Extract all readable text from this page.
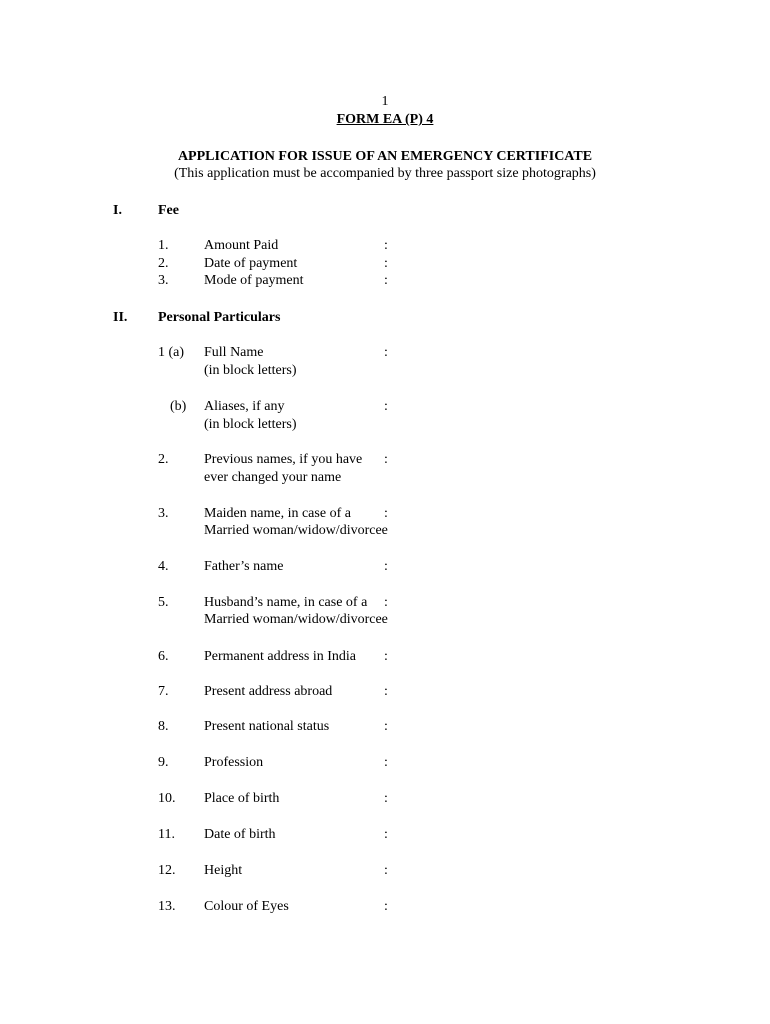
1
FORM EA (P) 4
APPLICATION FOR ISSUE OF AN EMERGENCY CERTIFICATE
(This application must be accompanied by three passport size photographs)
I.	Fee
1.	Amount Paid	:
2.	Date of payment	:
3.	Mode of payment	:
II. Personal Particulars
1 (a) Full Name
(in block letters)
:
(b) Aliases, if any
(in block letters)
:
2.	Previous names, if you have
ever changed your name
:
3.	Maiden name, in case of a
Married woman/widow/divorcee
:
4.	Father’s name	:
5.	Husband’s name, in case of a
Married woman/widow/divorcee
:
6.	Permanent address in India :
7.	Present address abroad	:
8.	Present national status	:
9.	Profession	:
10. Place of birth	:
11. Date of birth	:
12. Height	:
13. Colour of Eyes	:
